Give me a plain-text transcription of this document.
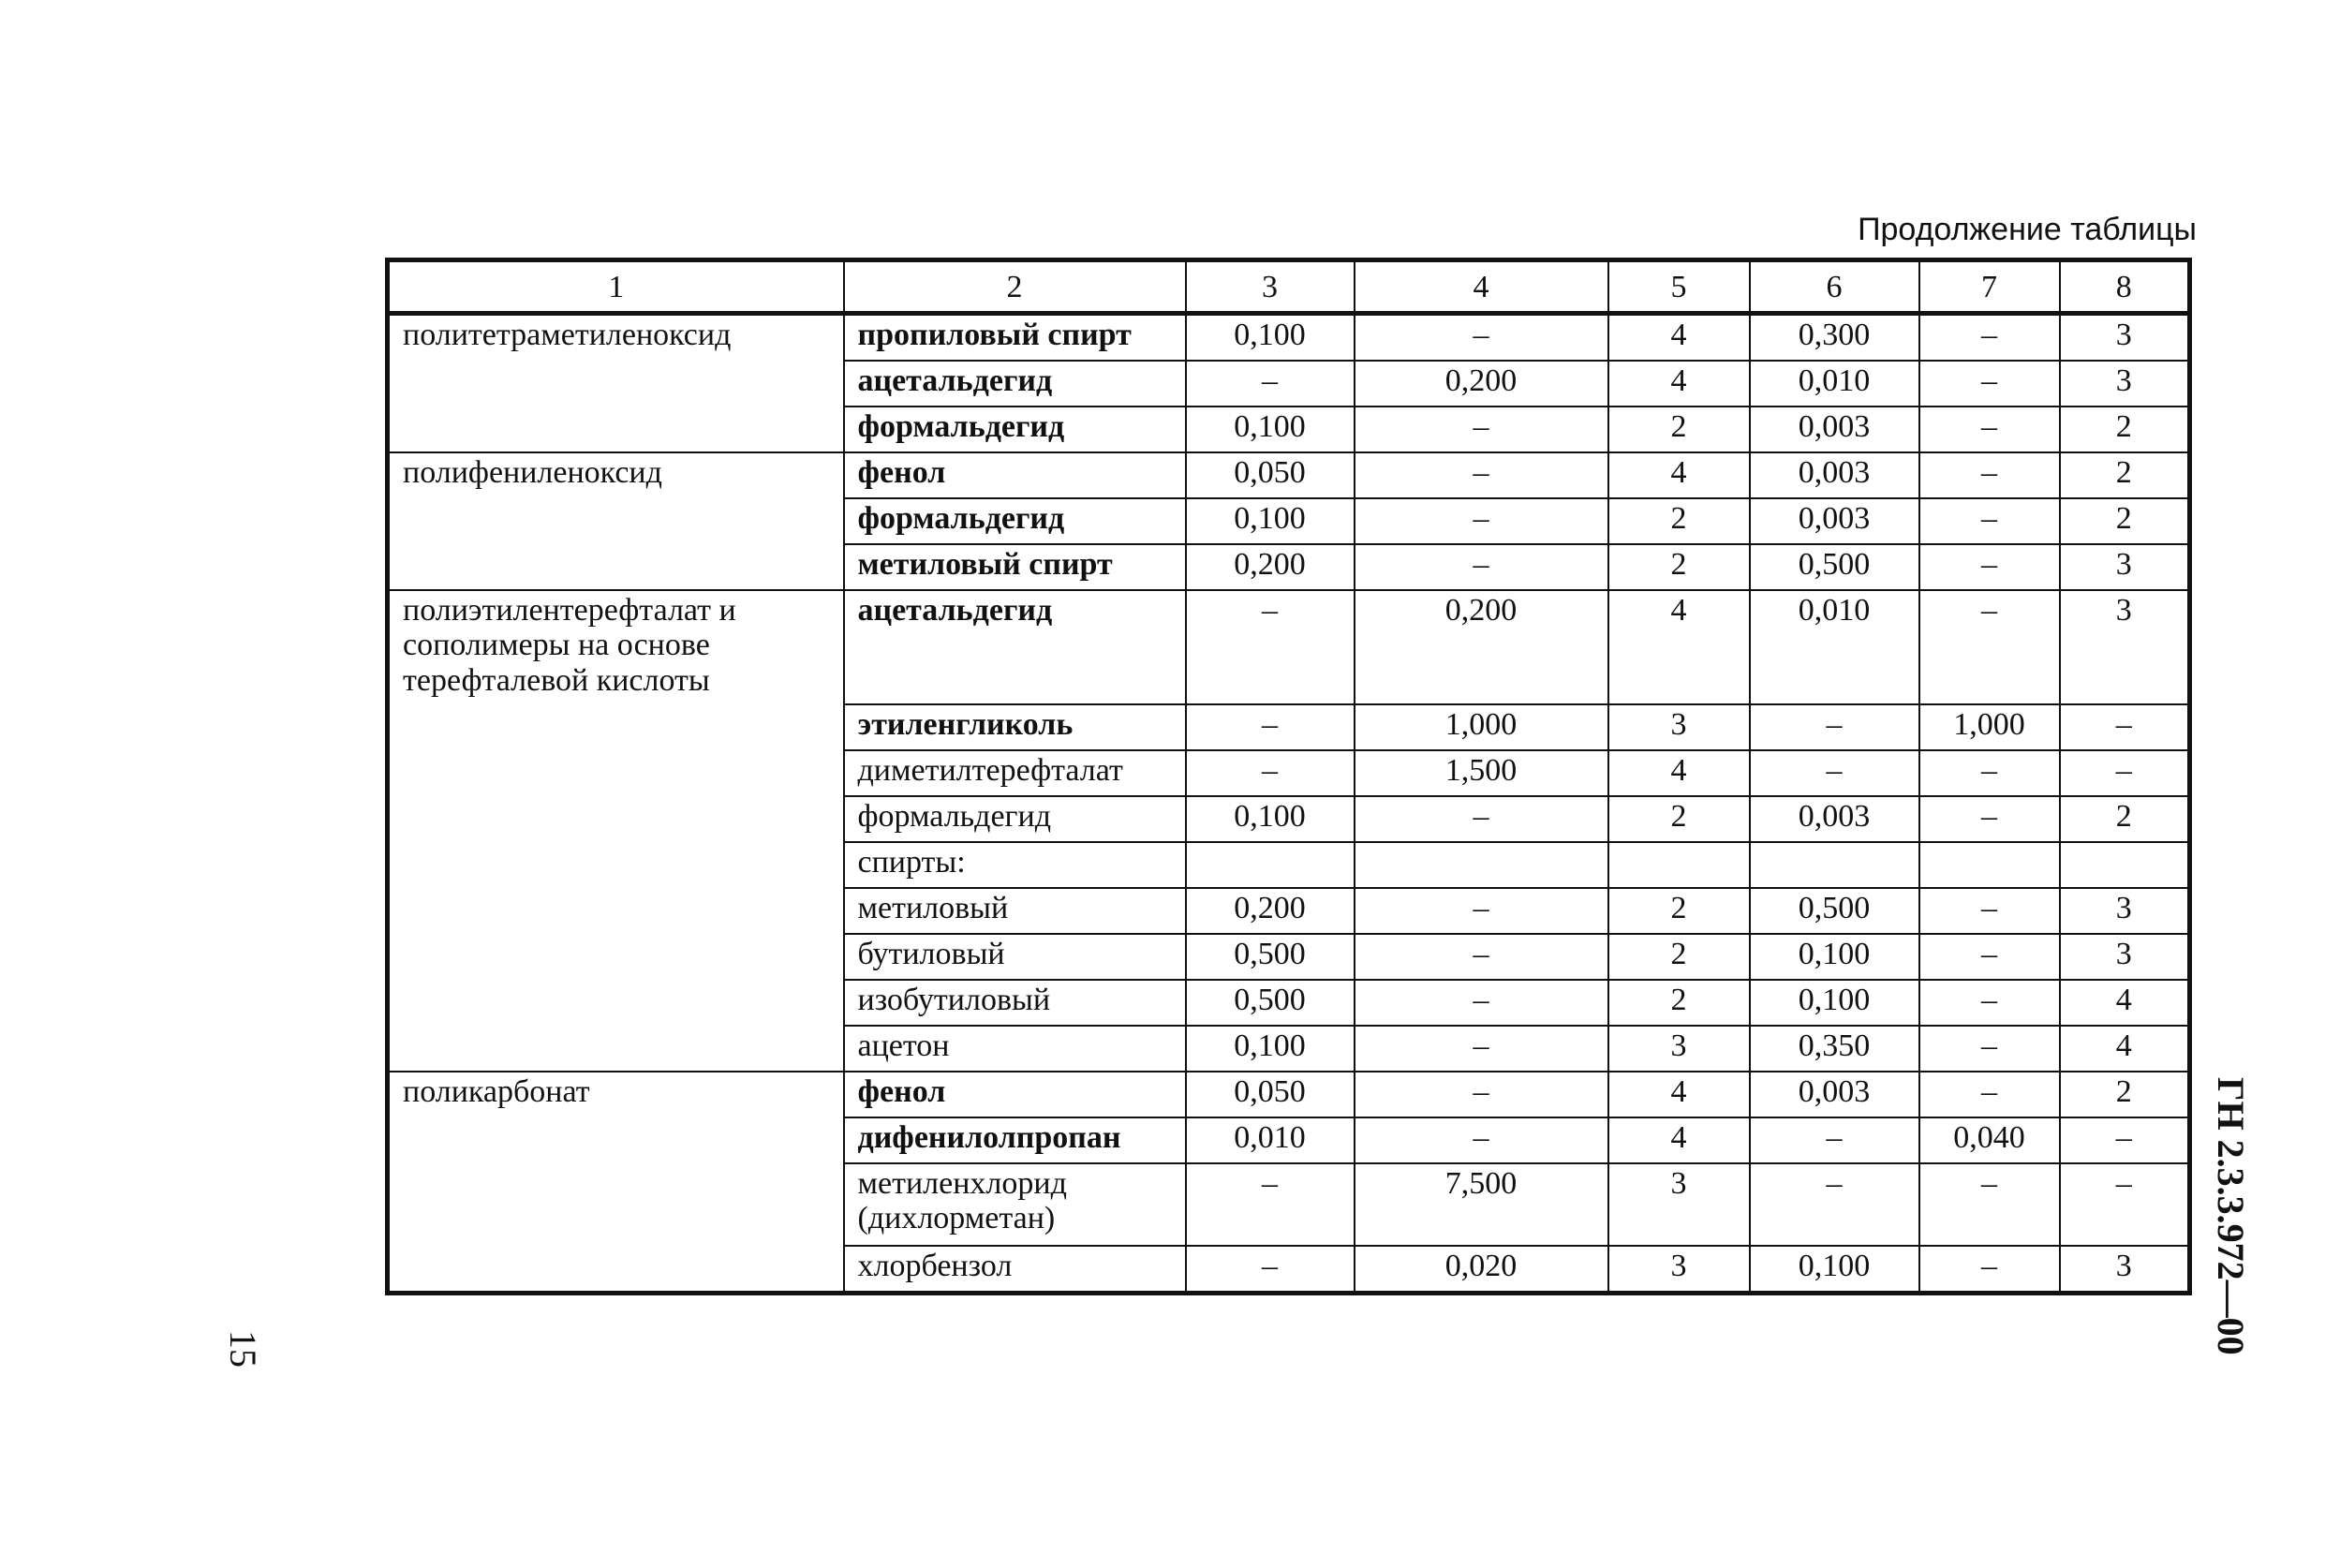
Продолжение таблицы
1	2	3	4	5	6	7	8
политетраметиленоксид	пропиловый спирт	0,100	–	4	0,300	–	3
	ацетальдегид	–	0,200	4	0,010	–	3
	формальдегид	0,100	–	2	0,003	–	2
полифениленоксид	фенол	0,050	–	4	0,003	–	2
	формальдегид	0,100	–	2	0,003	–	2
	метиловый спирт	0,200	–	2	0,500	–	3
полиэтилентерефталат и сополимеры на основе терефталевой кислоты	ацетальдегид	–	0,200	4	0,010	–	3
	этиленгликоль	–	1,000	3	–	1,000	–
	диметилтерефталат	–	1,500	4	–	–	–
	формальдегид	0,100	–	2	0,003	–	2
	спирты:						
	метиловый	0,200	–	2	0,500	–	3
	бутиловый	0,500	–	2	0,100	–	3
	изобутиловый	0,500	–	2	0,100	–	4
	ацетон	0,100	–	3	0,350	–	4
поликарбонат	фенол	0,050	–	4	0,003	–	2
	дифенилолпропан	0,010	–	4	–	0,040	–
	метиленхлорид (дихлорметан)	–	7,500	3	–	–	–
	хлорбензол	–	0,020	3	0,100	–	3
15	ГН 2.3.3.972—00
